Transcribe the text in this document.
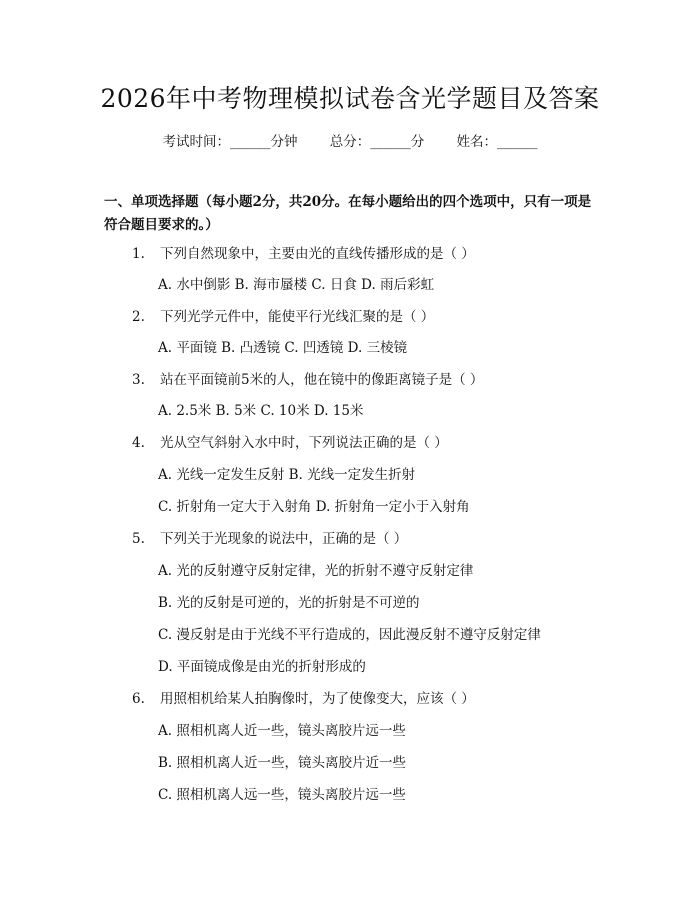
2026年中考物理模拟试卷含光学题目及答案
考试时间：______分钟 总分：______分 姓名：______
一、单项选择题（每小题2分，共20分。在每小题给出的四个选项中，只有一项是符合题目要求的。）
1. 下列自然现象中，主要由光的直线传播形成的是（ ）
A. 水中倒影 B. 海市蜃楼 C. 日食 D. 雨后彩虹
2. 下列光学元件中，能使平行光线汇聚的是（ ）
A. 平面镜 B. 凸透镜 C. 凹透镜 D. 三棱镜
3. 站在平面镜前5米的人，他在镜中的像距离镜子是（ ）
A. 2.5米 B. 5米 C. 10米 D. 15米
4. 光从空气斜射入水中时，下列说法正确的是（ ）
A. 光线一定发生反射 B. 光线一定发生折射
C. 折射角一定大于入射角 D. 折射角一定小于入射角
5. 下列关于光现象的说法中，正确的是（ ）
A. 光的反射遵守反射定律，光的折射不遵守反射定律
B. 光的反射是可逆的，光的折射是不可逆的
C. 漫反射是由于光线不平行造成的，因此漫反射不遵守反射定律
D. 平面镜成像是由光的折射形成的
6. 用照相机给某人拍胸像时，为了使像变大，应该（ ）
A. 照相机离人近一些，镜头离胶片远一些
B. 照相机离人近一些，镜头离胶片近一些
C. 照相机离人远一些，镜头离胶片远一些
